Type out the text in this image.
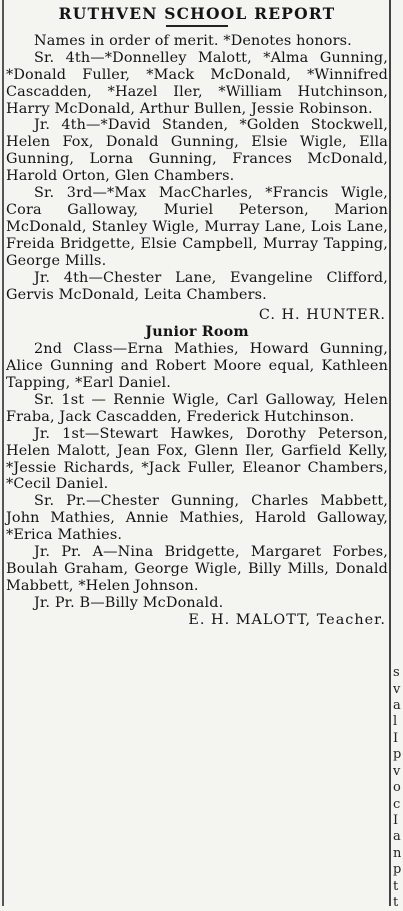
RUTHVEN SCHOOL REPORT

Names in order of merit. *Denotes honors.

Sr. 4th—*Donnelley Malott, *Alma Gunning, *Donald Fuller, *Mack McDonald, *Winnifred Cascadden, *Hazel Iler, *William Hutchinson, Harry McDonald, Arthur Bullen, Jessie Robinson.

Jr. 4th—*David Standen, *Golden Stockwell, Helen Fox, Donald Gunning, Elsie Wigle, Ella Gunning, Lorna Gunning, Frances McDonald, Harold Orton, Glen Chambers.

Sr. 3rd—*Max MacCharles, *Francis Wigle, Cora Galloway, Muriel Peterson, Marion McDonald, Stanley Wigle, Murray Lane, Lois Lane, Freida Bridgette, Elsie Campbell, Murray Tapping, George Mills.

Jr. 4th—Chester Lane, Evangeline Clifford, Gervis McDonald, Leita Chambers.

C. H. HUNTER.

Junior Room

2nd Class—Erna Mathies, Howard Gunning, Alice Gunning and Robert Moore equal, Kathleen Tapping, *Earl Daniel.

Sr. 1st — Rennie Wigle, Carl Galloway, Helen Fraba, Jack Cascadden, Frederick Hutchinson.

Jr. 1st—Stewart Hawkes, Dorothy Peterson, Helen Malott, Jean Fox, Glenn Iler, Garfield Kelly, *Jessie Richards, *Jack Fuller, Eleanor Chambers, *Cecil Daniel.

Sr. Pr.—Chester Gunning, Charles Mabbett, John Mathies, Annie Mathies, Harold Galloway, *Erica Mathies.

Jr. Pr. A—Nina Bridgette, Margaret Forbes, Boulah Graham, George Wigle, Billy Mills, Donald Mabbett, *Helen Johnson.

Jr. Pr. B—Billy McDonald.

E. H. MALOTT, Teacher.

s
v
a
l
I
p
v
o
c
I
a
n
p
t
t
